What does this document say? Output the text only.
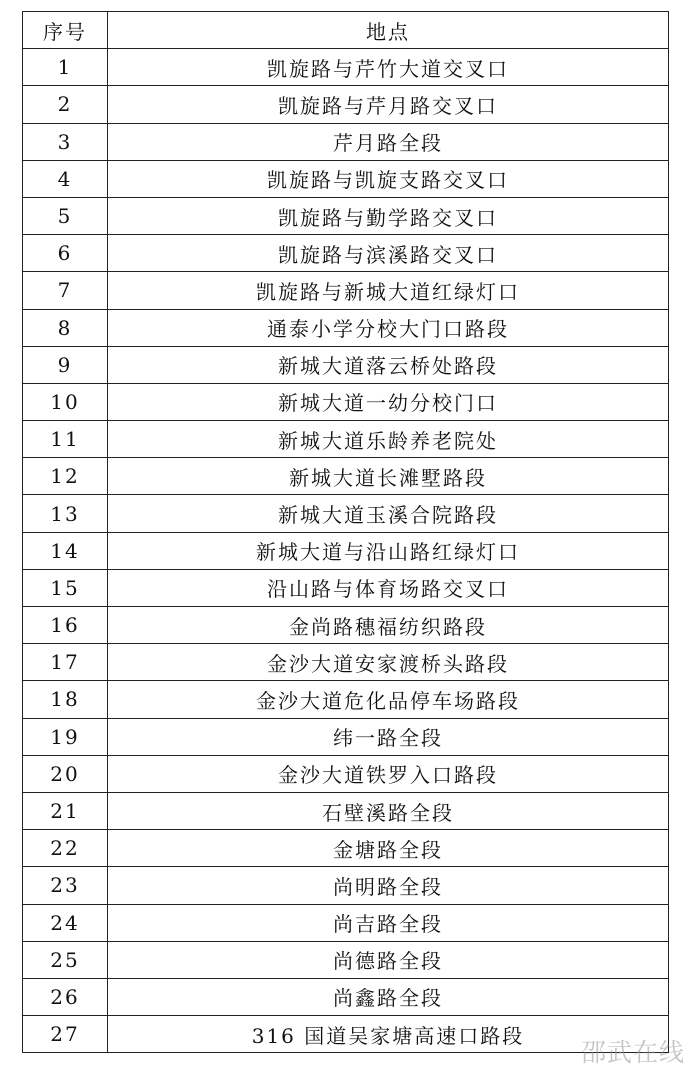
序号	地点
1	凯旋路与芹竹大道交叉口
2	凯旋路与芹月路交叉口
3	芹月路全段
4	凯旋路与凯旋支路交叉口
5	凯旋路与勤学路交叉口
6	凯旋路与滨溪路交叉口
7	凯旋路与新城大道红绿灯口
8	通泰小学分校大门口路段
9	新城大道落云桥处路段
10	新城大道一幼分校门口
11	新城大道乐龄养老院处
12	新城大道长滩墅路段
13	新城大道玉溪合院路段
14	新城大道与沿山路红绿灯口
15	沿山路与体育场路交叉口
16	金尚路穗福纺织路段
17	金沙大道安家渡桥头路段
18	金沙大道危化品停车场路段
19	纬一路全段
20	金沙大道铁罗入口路段
21	石壁溪路全段
22	金塘路全段
23	尚明路全段
24	尚吉路全段
25	尚德路全段
26	尚鑫路全段
27	316 国道吴家塘高速口路段
邵武在线
